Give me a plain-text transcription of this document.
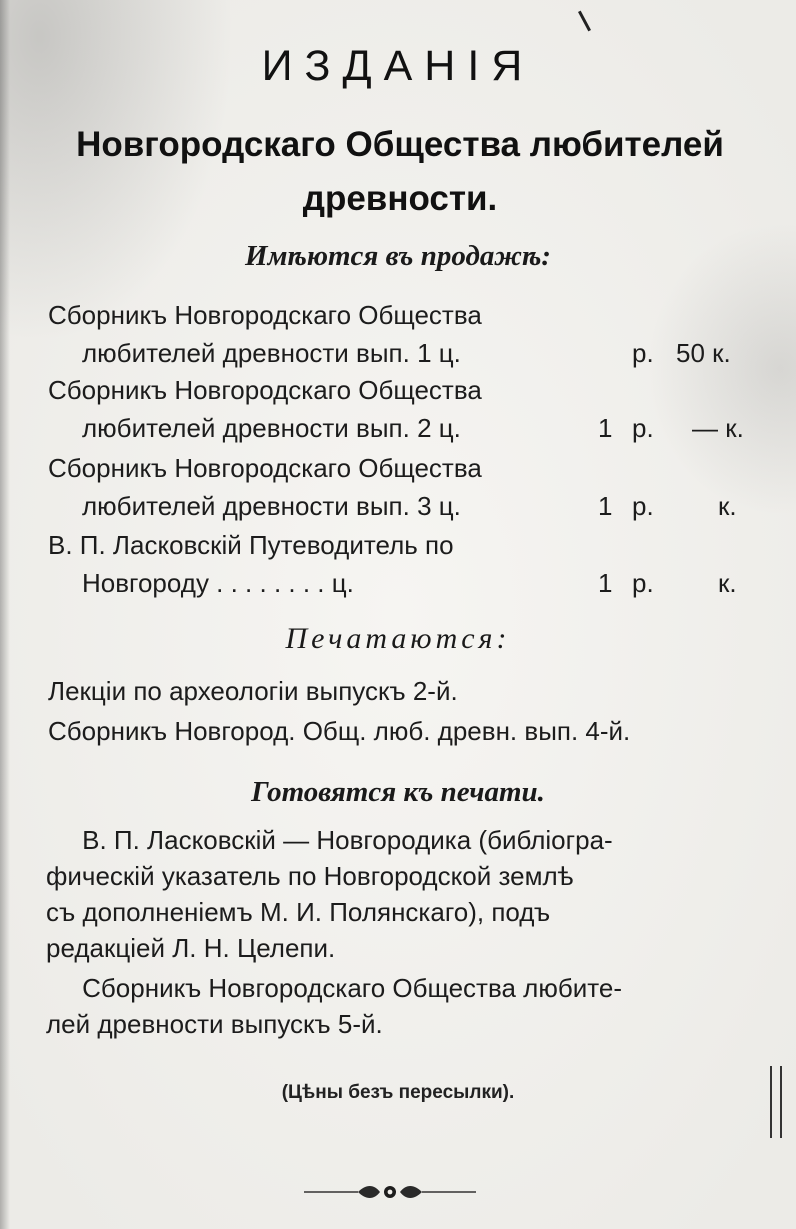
ИЗДАНІЯ
Новгородскаго Общества любителей
древности.
Имѣются въ продажѣ:
Сборникъ Новгородскаго Общества
любителей древности вып. 1 ц.	р. 50 к.
Сборникъ Новгородскаго Общества
любителей древности вып. 2 ц.	1 р. — к.
Сборникъ Новгородскаго Общества
любителей древности вып. 3 ц.	1 р. к.
В. П. Ласковскій Путеводитель по
Новгороду . . . . . . . . ц.	1 р. к.
Печатаются:
Лекціи по археологіи выпускъ 2-й.
Сборникъ Новгород. Общ. люб. древн. вып. 4-й.
Готовятся къ печати.
В. П. Ласковскій — Новгородика (библіогра-
фическій указатель по Новгородской землѣ
съ дополненіемъ М. И. Полянскаго), подъ
редакціей Л. Н. Целепи.
Сборникъ Новгородскаго Общества любите-
лей древности выпускъ 5-й.
(Цѣны безъ пересылки).
